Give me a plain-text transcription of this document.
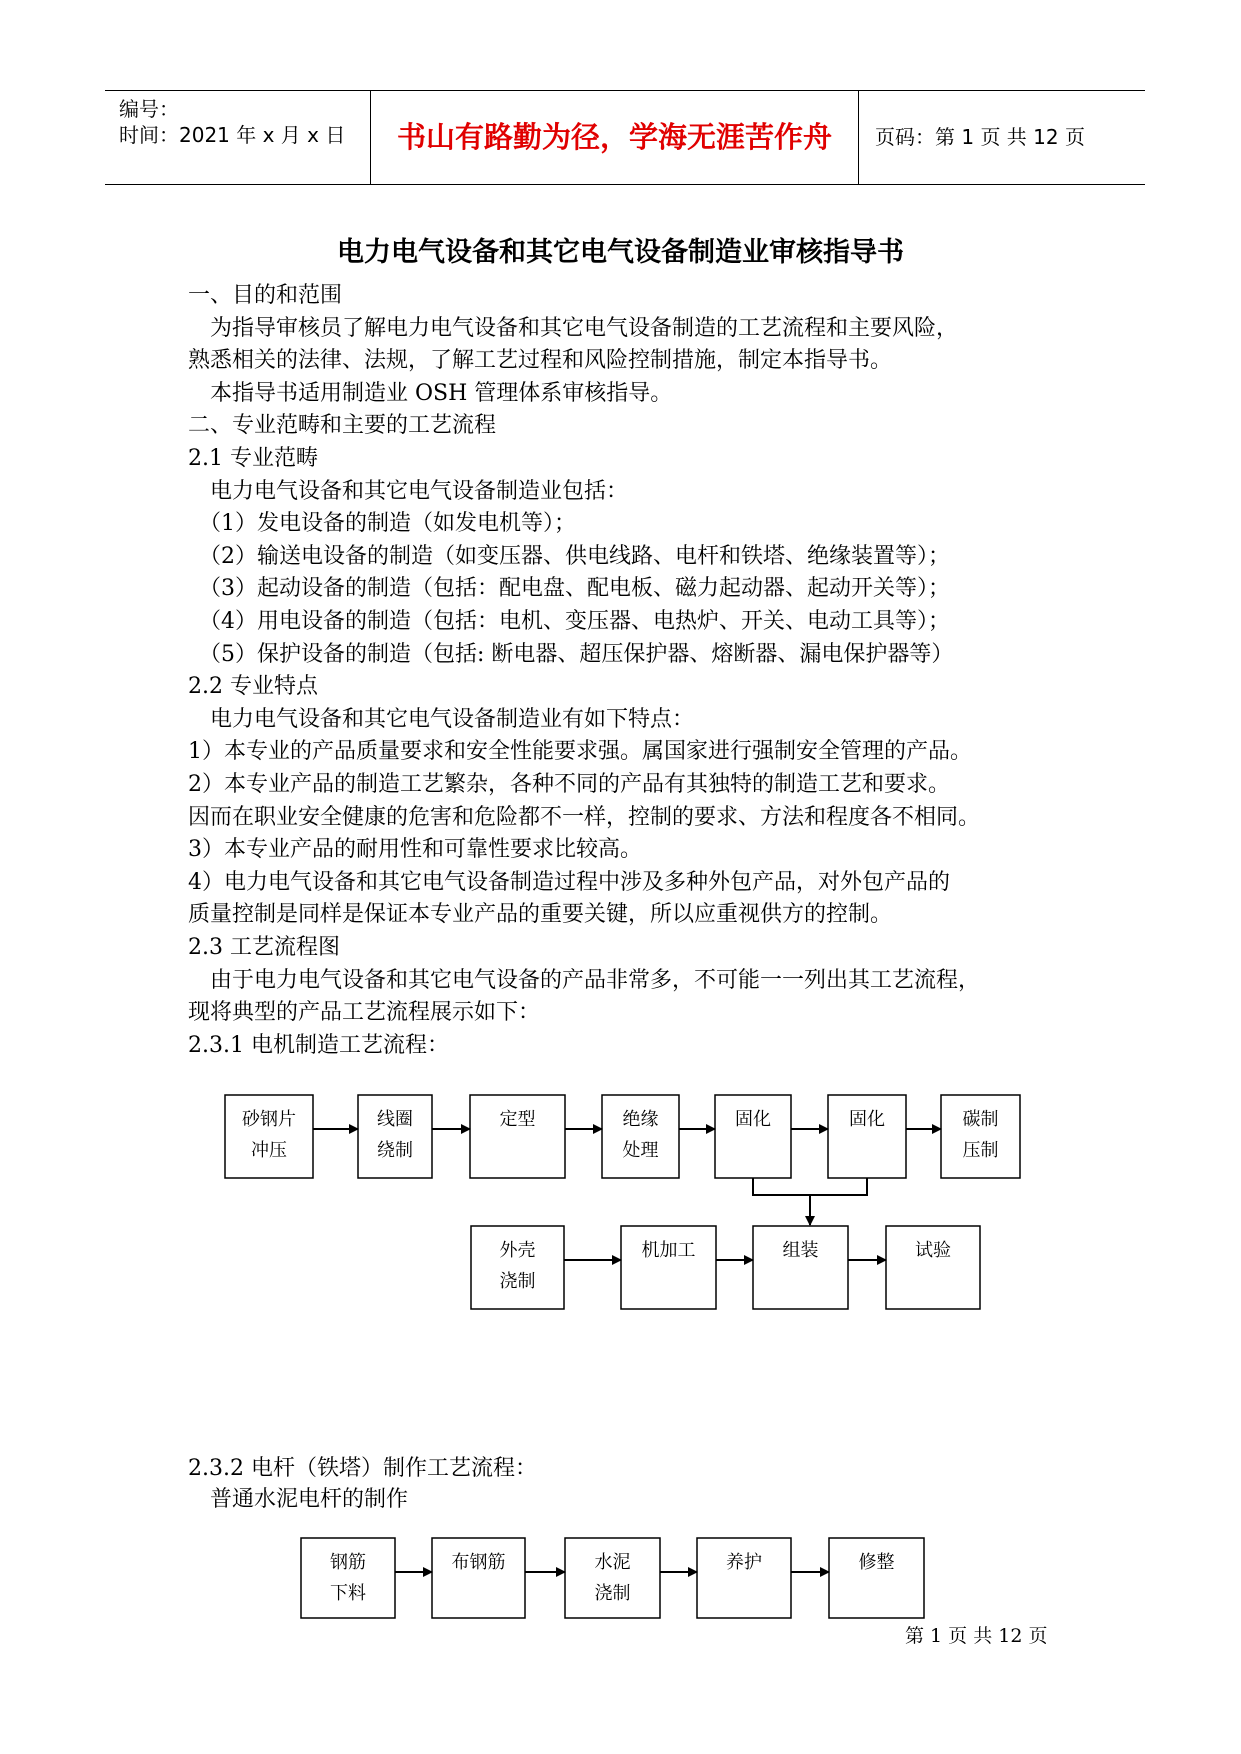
编号：
时间：2021 年 x 月 x 日	书山有路勤为径，学海无涯苦作舟	页码：第 1 页 共 12 页
电力电气设备和其它电气设备制造业审核指导书
一、目的和范围
　为指导审核员了解电力电气设备和其它电气设备制造的工艺流程和主要风险，
熟悉相关的法律、法规，了解工艺过程和风险控制措施，制定本指导书。
　本指导书适用制造业 OSH 管理体系审核指导。
二、专业范畴和主要的工艺流程
2.1 专业范畴
　电力电气设备和其它电气设备制造业包括：
　（1）发电设备的制造（如发电机等）；
　（2）输送电设备的制造（如变压器、供电线路、电杆和铁塔、绝缘装置等）；
　（3）起动设备的制造（包括：配电盘、配电板、磁力起动器、起动开关等）；
　（4）用电设备的制造（包括：电机、变压器、电热炉、开关、电动工具等）；
　（5）保护设备的制造（包括: 断电器、超压保护器、熔断器、漏电保护器等）
2.2 专业特点
　电力电气设备和其它电气设备制造业有如下特点：
1）本专业的产品质量要求和安全性能要求强。属国家进行强制安全管理的产品。
2）本专业产品的制造工艺繁杂，各种不同的产品有其独特的制造工艺和要求。
因而在职业安全健康的危害和危险都不一样，控制的要求、方法和程度各不相同。
3）本专业产品的耐用性和可靠性要求比较高。
4）电力电气设备和其它电气设备制造过程中涉及多种外包产品，对外包产品的
质量控制是同样是保证本专业产品的重要关键，所以应重视供方的控制。
2.3 工艺流程图
　由于电力电气设备和其它电气设备的产品非常多，不可能一一列出其工艺流程，
现将典型的产品工艺流程展示如下：
2.3.1 电机制造工艺流程：
2.3.2 电杆（铁塔）制作工艺流程：
　普通水泥电杆的制作
砂钢片
冲压
线圈
绕制
定型	绝缘
处理
固化	固化	碳制
压制
外壳
浇制
机加工	组装	试验
钢筋
下料
布钢筋	水泥
浇制
养护	修整
第 1 页 共 12 页
